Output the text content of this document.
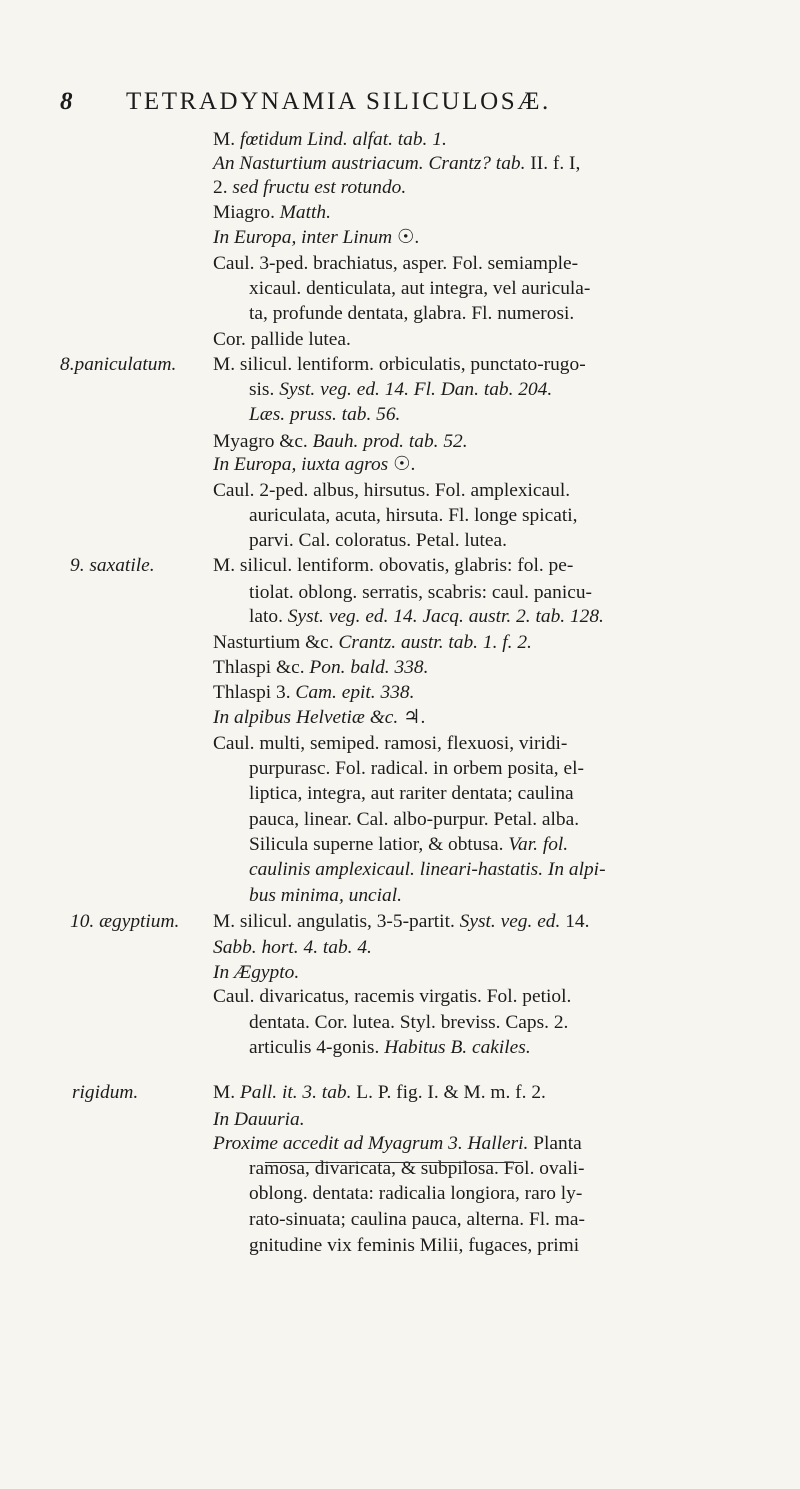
8 TETRADYNAMIA SILICULOSÆ.
M. fœtidum Lind. alfat. tab. 1.
An Nasturtium austriacum. Crantz? tab. II. f. I,
2. sed fructu est rotundo.
Miagro. Matth.
In Europa, inter Linum ☉.
Caul. 3-ped. brachiatus, asper. Fol. semiample-
xicaul. denticulata, aut integra, vel auricula-
ta, profunde dentata, glabra. Fl. numerosi.
Cor. pallide lutea.
8.paniculatum. M. silicul. lentiform. orbiculatis, punctato-rugo-
sis. Syst. veg. ed. 14. Fl. Dan. tab. 204.
Læs. pruss. tab. 56.
Myagro &c. Bauh. prod. tab. 52.
In Europa, iuxta agros ☉.
Caul. 2-ped. albus, hirsutus. Fol. amplexicaul.
auriculata, acuta, hirsuta. Fl. longe spicati,
parvi. Cal. coloratus. Petal. lutea.
9. saxatile.	M. silicul. lentiform. obovatis, glabris: fol. pe-
tiolat. oblong. serratis, scabris: caul. panicu-
lato. Syst. veg. ed. 14. Jacq. austr. 2. tab. 128.
Nasturtium &c. Crantz. austr. tab. 1. f. 2.
Thlaspi &c. Pon. bald. 338.
Thlaspi 3. Cam. epit. 338.
In alpibus Helvetiæ &c. ♃.
Caul. multi, semiped. ramosi, flexuosi, viridi-
purpurasc. Fol. radical. in orbem posita, el-
liptica, integra, aut rariter dentata; caulina
pauca, linear. Cal. albo-purpur. Petal. alba.
Silicula superne latior, & obtusa. Var. fol.
caulinis amplexicaul. lineari-hastatis. In alpi-
bus minima, uncial.
10. ægyptium. M. silicul. angulatis, 3-5-partit. Syst. veg. ed. 14.
Sabb. hort. 4. tab. 4.
In Ægypto.
Caul. divaricatus, racemis virgatis. Fol. petiol.
dentata. Cor. lutea. Styl. breviss. Caps. 2.
articulis 4-gonis. Habitus B. cakiles.
rigidum.	M. Pall. it. 3. tab. L. P. fig. I. & M. m. f. 2.
In Dauuria.
Proxime accedit ad Myagrum 3. Halleri. Planta
ramosa, divaricata, & subpilosa. Fol. ovali-
oblong. dentata: radicalia longiora, raro ly-
rato-sinuata; caulina pauca, alterna. Fl. ma-
gnitudine vix feminis Milii, fugaces, primi
